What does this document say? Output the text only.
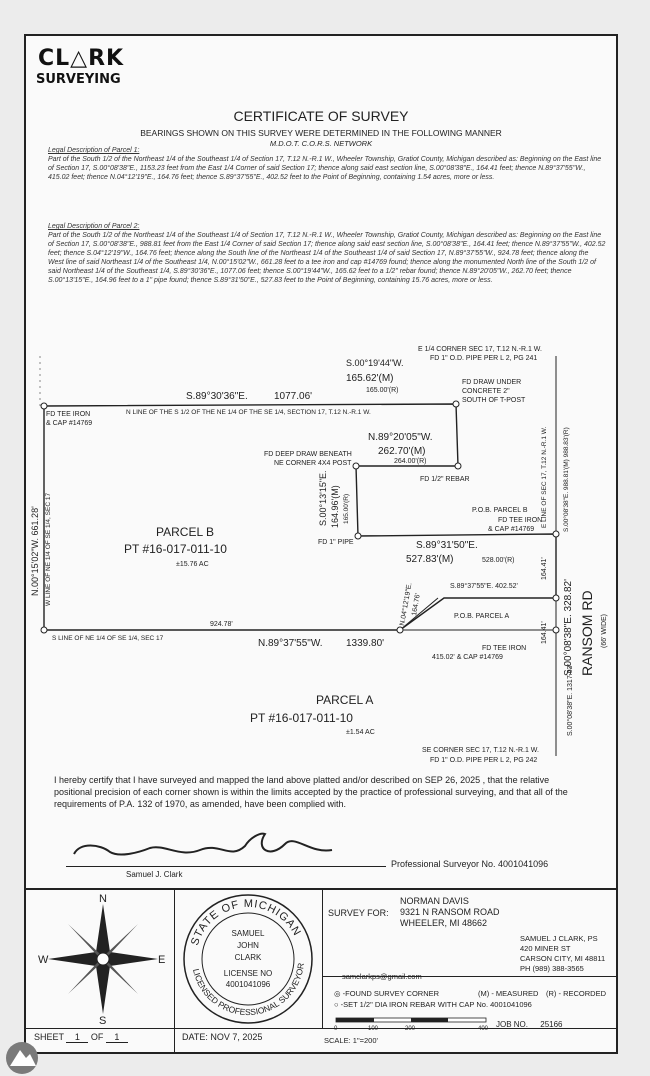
CL△RK
SURVEYING
CERTIFICATE OF SURVEY
BEARINGS SHOWN ON THIS SURVEY WERE DETERMINED IN THE FOLLOWING MANNER
M.D.O.T. C.O.R.S. NETWORK
Legal Description of Parcel 1:
Part of the South 1/2 of the Northeast 1/4 of the Southeast 1/4 of Section 17, T.12 N.-R.1 W., Wheeler Township, Gratiot County, Michigan described as: Beginning on the East line of Section 17, S.00°08'38"E., 1153.23 feet from the East 1/4 Corner of said Section 17; thence along said east section line, S.00°08'38"E., 164.41 feet; thence N.89°37'55"W., 415.02 feet; thence N.04°12'19"E., 164.76 feet; thence S.89°37'55"E., 402.52 feet to the Point of Beginning, containing 1.54 acres, more or less.
Legal Description of Parcel 2:
Part of the South 1/2 of the Northeast 1/4 of the Southeast 1/4 of Section 17, T.12 N.-R.1 W., Wheeler Township, Gratiot County, Michigan described as: Beginning on the East line of Section 17, S.00°08'38"E., 988.81 feet from the East 1/4 Corner of said Section 17; thence along said east section line, S.00°08'38"E., 164.41 feet; thence N.89°37'55"W., 402.52 feet; thence S.04°12'19"W., 164.76 feet; thence along the South line of the Northeast 1/4 of the Southeast 1/4 of said Section 17, N.89°37'55"W., 924.78 feet; thence along the West line of said Northeast 1/4 of the Southeast 1/4, N.00°15'02"W., 661.28 feet to a tee iron and cap #14769 found; thence along the monumented North line of the South 1/2 of said Northeast 1/4 of the Southeast 1/4, S.89°30'36"E., 1077.06 feet; thence S.00°19'44"W., 165.62 feet to a 1/2" rebar found; thence N.89°20'05"W., 262.70 feet; thence S.00°13'15"E., 164.96 feet to a 1" pipe found; thence S.89°31'50"E., 527.83 feet to the Point of Beginning, containing 15.76 acres, more or less.
E 1/4 CORNER SEC 17, T.12 N.-R.1 W.
FD 1" O.D. PIPE PER L 2, PG 241
S.00°19'44"W.
165.62'(M)
165.00'(R)
FD DRAW UNDER
CONCRETE 2"
SOUTH OF T-POST
S.89°30'36"E.	1077.06'
FD TEE IRON
& CAP #14769
N LINE OF THE S 1/2 OF THE NE 1/4 OF THE SE 1/4, SECTION 17, T.12 N.-R.1 W.
N.89°20'05"W.
262.70'(M)
264.00'(R)
FD DEEP DRAW BENEATH
NE CORNER 4X4 POST
FD 1/2" REBAR
FD 1" PIPE
S.00°13'15"E. 164.96'(M) 165.00'(R)
S.89°31'50"E.
527.83'(M)	528.00'(R)
P.O.B. PARCEL B
FD TEE IRON
& CAP #14769
PARCEL B
PT #16-017-011-10
±15.76 AC
N.00°15'02"W. 661.28' W LINE OF NE 1/4 OF SE 1/4, SEC 17
E LINE OF SEC 17, T.12 N.-R.1 W. S.00°08'38"E. 988.81'(M) 988.83'(R)
S.89°37'55"E. 402.52'
164.41'
164.41'
N.04°12'19"E.
164.76'
P.O.B. PARCEL A	S.00°08'38"E. 328.82' RANSOM RD (66' WIDE)
FD TEE IRON
415.02' & CAP #14769
924.78'
S LINE OF NE 1/4 OF SE 1/4, SEC 17	N.89°37'55"W. 1339.80'
PARCEL A
PT #16-017-011-10
±1.54 AC	S.00°08'38"E. 1317.63'
SE CORNER SEC 17, T.12 N.-R.1 W.
FD 1" O.D. PIPE PER L 2, PG 242
I hereby certify that I have surveyed and mapped the land above platted and/or described on SEP 26, 2025 , that the relative positional precision of each corner shown is within the limits accepted by the practice of professional surveying, and that all of the requirements of P.A. 132 of 1970, as amended, have been complied with.
Samuel J. Clark
Professional Surveyor No. 4001041096
N
S
W	E
STATE OF MICHIGAN
LICENSED PROFESSIONAL SURVEYOR
SAMUEL
JOHN
CLARK
LICENSE NO
4001041096
SURVEY FOR:
NORMAN DAVIS
9321 N RANSOM ROAD
WHEELER, MI 48662
SAMUEL J CLARK, PS
420 MINER ST
CARSON CITY, MI 48811
PH (989) 388-3565
samclarkps@gmail.com
◎ -FOUND SURVEY CORNER	(M) - MEASURED (R) - RECORDED
○ -SET 1/2" DIA IRON REBAR WITH CAP No. 4001041096
SHEET 1 OF 1	DATE: NOV 7, 2025
0	100	200	400
SCALE: 1"=200'
JOB NO. 25166
